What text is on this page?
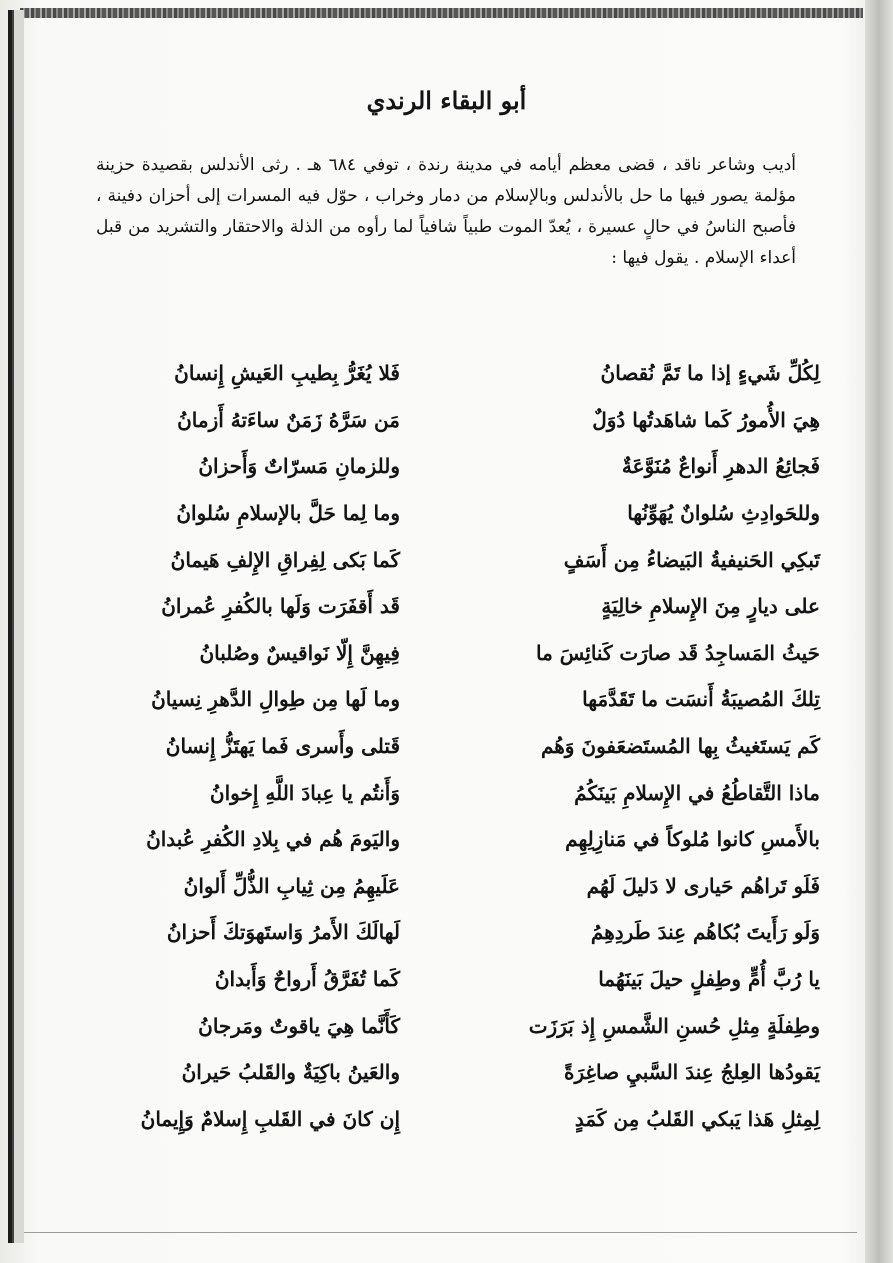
أبو البقاء الرندي
أديب وشاعر ناقد ، قضى معظم أيامه في مدينة رندة ، توفي ٦٨٤ هـ . رثى الأندلس بقصيدة حزينة مؤلمة يصور فيها ما حل بالأندلس وبالإسلام من دمار وخراب ، حوّل فيه المسرات إلى أحزان دفينة ، فأصبح الناسُ في حالٍ عسيرة ، يُعدّ الموت طبياً شافياً لما رأوه من الذلة والاحتقار والتشريد من قبل أعداء الإسلام . يقول فيها :
فَلا يُغَرُّ بِطيبِ العَيشِ إِنسانُ	لِكُلِّ شَيءٍ إذا ما تَمَّ نُقصانُ
مَن سَرَّهُ زَمَنٌ ساءَتهُ أَزمانُ	هِيَ الأُمورُ كَما شاهَدتُها دُوَلٌ
وللزمانِ مَسرّاتٌ وَأَحزانُ	فَجائِعُ الدهرِ أَنواعٌ مُنَوَّعَةٌ
وما لِما حَلَّ بالإسلامِ سُلوانُ	وللحَوادِثِ سُلوانٌ يُهَوِّنُها
كَما بَكى لِفِراقِ الإِلفِ هَيمانُ	تَبكِي الحَنيفيةُ البَيضاءُ مِن أَسَفٍ
قَد أَقفَرَت وَلَها بالكُفرِ عُمرانُ	على ديارٍ مِنَ الإِسلامِ خالِيَةٍ
فِيهِنَّ إِلّا نَواقيسٌ وصُلبانُ	حَيثُ المَساجِدُ قَد صارَت كَنائِسَ ما
وما لَها مِن طِوالِ الدَّهرِ نِسيانُ	تِلكَ المُصيبَةُ أَنسَت ما تَقَدَّمَها
قَتلى وأَسرى فَما يَهتَزُّ إِنسانُ	كَم يَستَغيثُ بِها المُستَضعَفونَ وَهُم
وَأَنتُم يا عِبادَ اللَّهِ إِخوانُ	ماذا التَّقاطُعُ في الإِسلامِ بَينَكُمُ
واليَومَ هُم في بِلادِ الكُفرِ عُبدانُ	بالأَمسِ كانوا مُلوكاً في مَنازِلِهِم
عَلَيهِمُ مِن ثِيابِ الذُّلِّ أَلوانُ	فَلَو تَراهُم حَيارى لا دَليلَ لَهُم
لَهالَكَ الأَمرُ وَاستَهوَتكَ أَحزانُ	وَلَو رَأَيتَ بُكاهُم عِندَ طَردِهِمُ
كَما تُفَرَّقُ أَرواحٌ وَأَبدانُ	يا رُبَّ أُمٍّ وطِفلٍ حيلَ بَينَهُما
كَأَنَّما هِيَ ياقوتٌ ومَرجانُ	وطِفلَةٍ مِثلِ حُسنِ الشَّمسِ إِذ بَرَزَت
والعَينُ باكِيَةٌ والقَلبُ حَيرانُ	يَقودُها العِلجُ عِندَ السَّبيِ صاغِرَةً
إِن كانَ في القَلبِ إِسلامٌ وَإِيمانُ	لِمِثلِ هَذا يَبكي القَلبُ مِن كَمَدٍ
